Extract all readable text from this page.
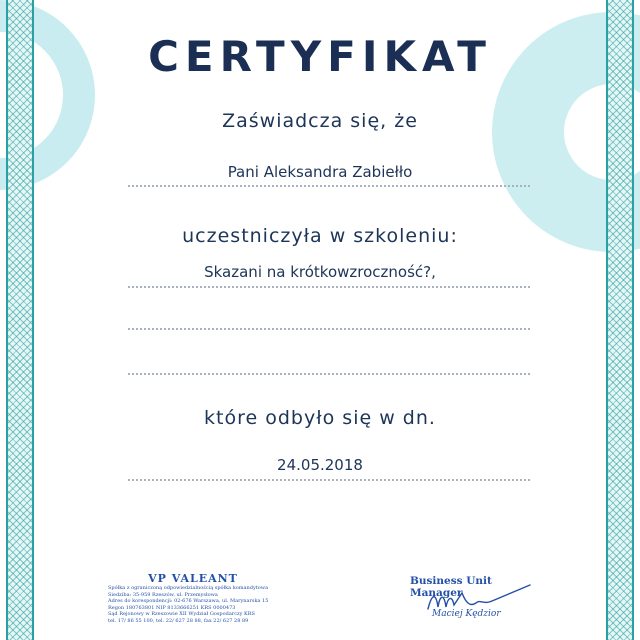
CERTYFIKAT
Zaświadcza się, że
Pani Aleksandra Zabiełło
uczestniczyła w szkoleniu:
Skazani na krótkowzroczność?,
które odbyło się w dn.
24.05.2018
VP VALEANT
Spółka z ograniczoną odpowiedzialnością spółka komandytowa
Siedziba: 35-959 Rzeszów, ul. Przemysłowa
Adres do korespondencji: 02-676 Warszawa, ul. Marynarska 15
Regon 180763801 NIP 8133666251 KRS 0000473
Sąd Rejonowy w Rzeszowie XII Wydział Gospodarczy KRS
tel. 17/ 86 55 100, tel. 22/ 627 28 88, fax 22/ 627 28 89
Business Unit Manager
Maciej Kędzior
